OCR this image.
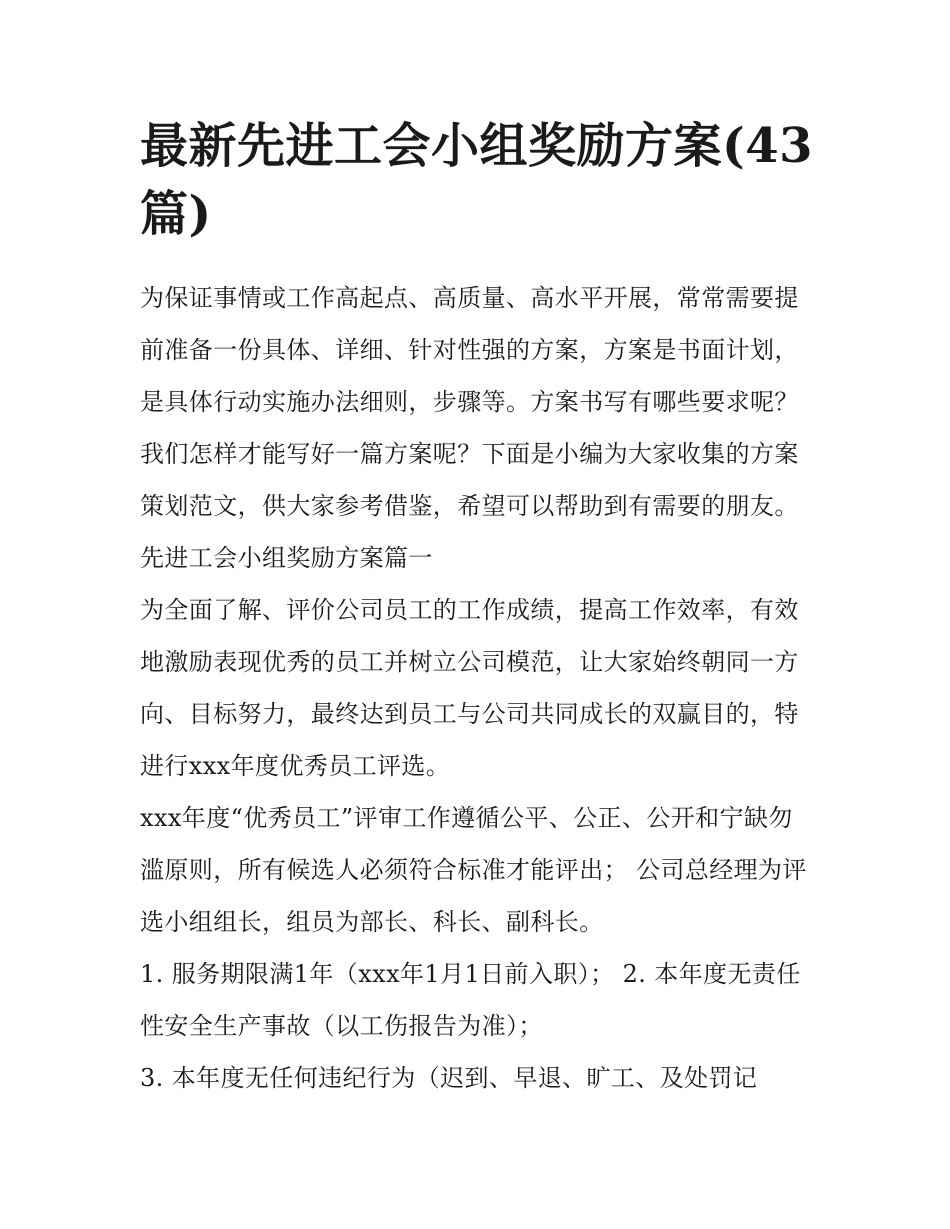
最新先进工会小组奖励方案(43篇)

为保证事情或工作高起点、高质量、高水平开展，常常需要提前准备一份具体、详细、针对性强的方案，方案是书面计划，是具体行动实施办法细则，步骤等。方案书写有哪些要求呢？我们怎样才能写好一篇方案呢？下面是小编为大家收集的方案策划范文，供大家参考借鉴，希望可以帮助到有需要的朋友。

先进工会小组奖励方案篇一

为全面了解、评价公司员工的工作成绩，提高工作效率，有效地激励表现优秀的员工并树立公司模范，让大家始终朝同一方向、目标努力，最终达到员工与公司共同成长的双赢目的，特进行xxx年度优秀员工评选。

xxx年度“优秀员工”评审工作遵循公平、公正、公开和宁缺勿滥原则，所有候选人必须符合标准才能评出； 公司总经理为评选小组组长，组员为部长、科长、副科长。

1. 服务期限满1年（xxx年1月1日前入职）； 2. 本年度无责任性安全生产事故（以工伤报告为准）；

3. 本年度无任何违纪行为（迟到、早退、旷工、及处罚记
